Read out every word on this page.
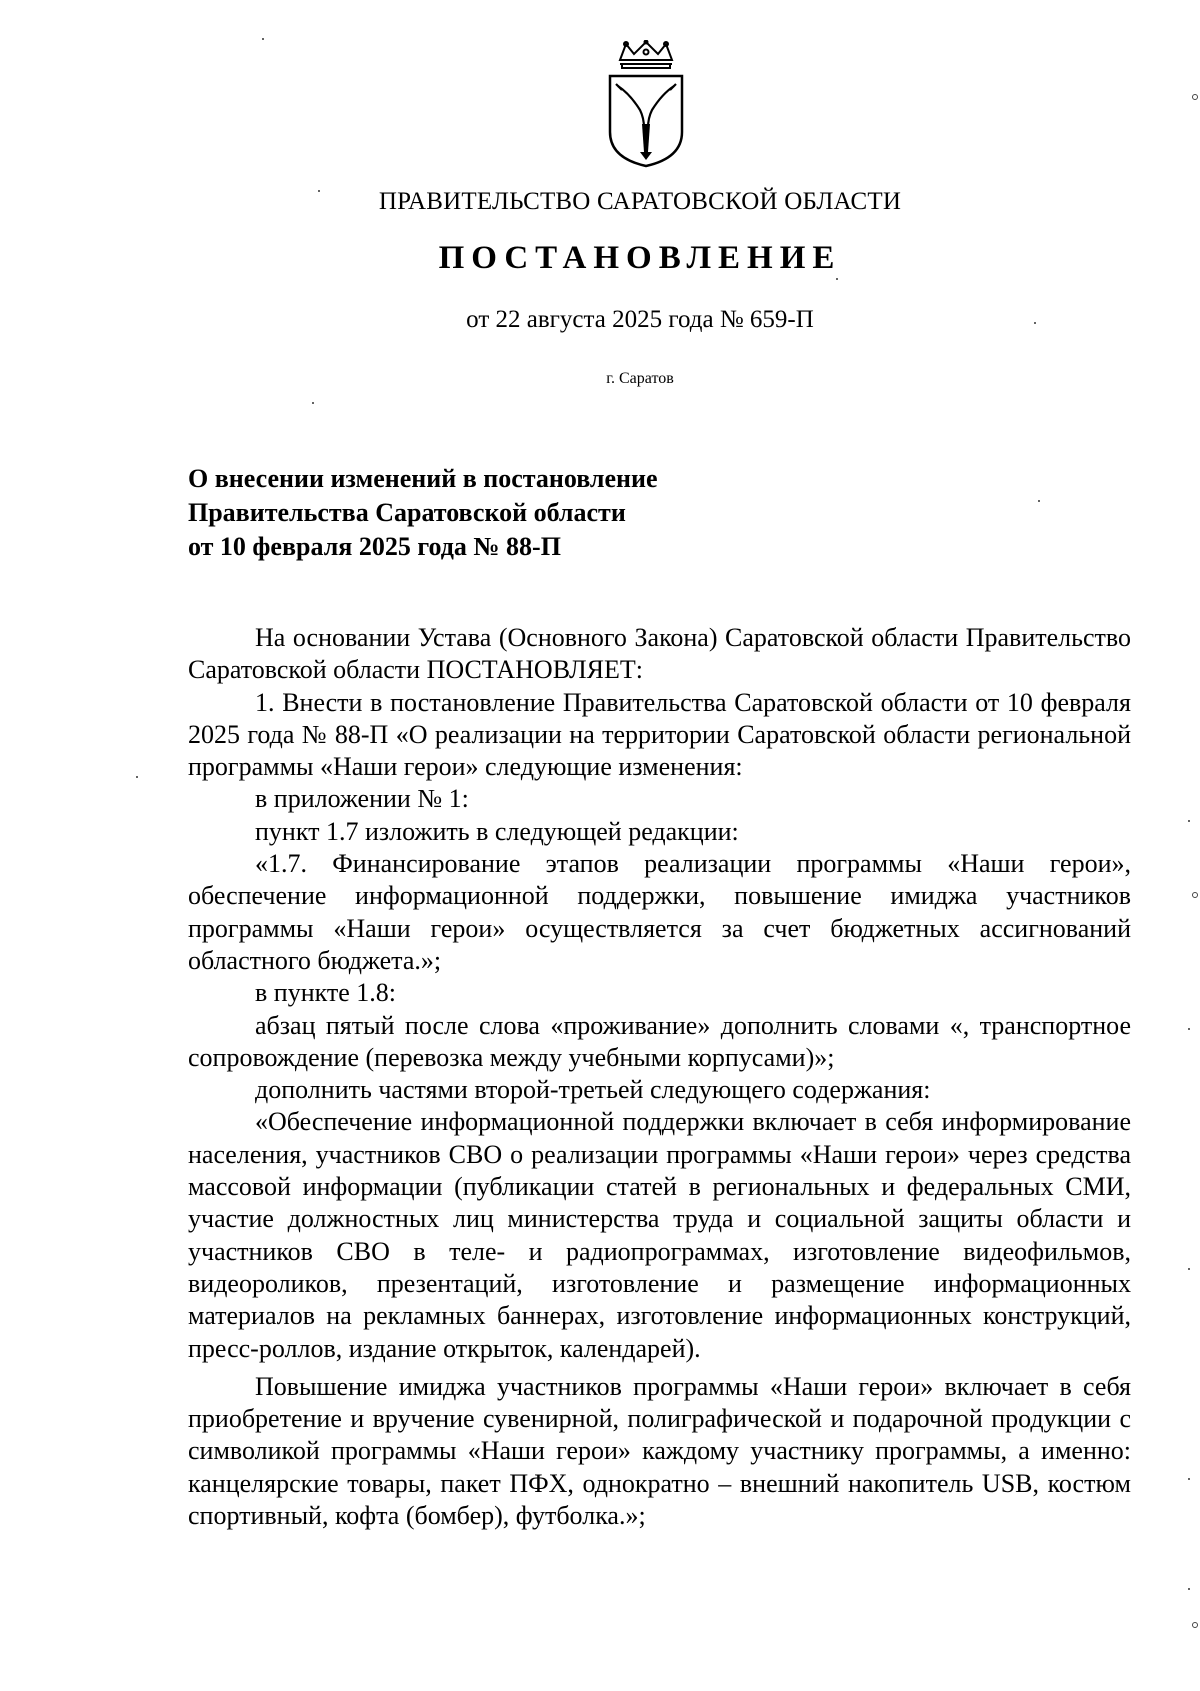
ПРАВИТЕЛЬСТВО САРАТОВСКОЙ ОБЛАСТИ
ПОСТАНОВЛЕНИЕ
от 22 августа 2025 года № 659-П
г. Саратов
О внесении изменений в постановление
Правительства Саратовской области
от 10 февраля 2025 года № 88-П

На основании Устава (Основного Закона) Саратовской области Правительство Саратовской области ПОСТАНОВЛЯЕТ:

1. Внести в постановление Правительства Саратовской области от 10 февраля 2025 года № 88-П «О реализации на территории Саратовской области региональной программы «Наши герои» следующие изменения:

в приложении № 1:

пункт 1.7 изложить в следующей редакции:

«1.7. Финансирование этапов реализации программы «Наши герои», обеспечение информационной поддержки, повышение имиджа участников программы «Наши герои» осуществляется за счет бюджетных ассигнований областного бюджета.»;

в пункте 1.8:

абзац пятый после слова «проживание» дополнить словами «, транспортное сопровождение (перевозка между учебными корпусами)»;

дополнить частями второй-третьей следующего содержания:

«Обеспечение информационной поддержки включает в себя информирование населения, участников СВО о реализации программы «Наши герои» через средства массовой информации (публикации статей в региональных и федеральных СМИ, участие должностных лиц министерства труда и социальной защиты области и участников СВО в теле- и радиопрограммах, изготовление видеофильмов, видеороликов, презентаций, изготовление и размещение информационных материалов на рекламных баннерах, изготовление информационных конструкций, пресс-роллов, издание открыток, календарей).

Повышение имиджа участников программы «Наши герои» включает в себя приобретение и вручение сувенирной, полиграфической и подарочной продукции с символикой программы «Наши герои» каждому участнику программы, а именно: канцелярские товары, пакет ПФХ, однократно – внешний накопитель USB, костюм спортивный, кофта (бомбер), футболка.»;
